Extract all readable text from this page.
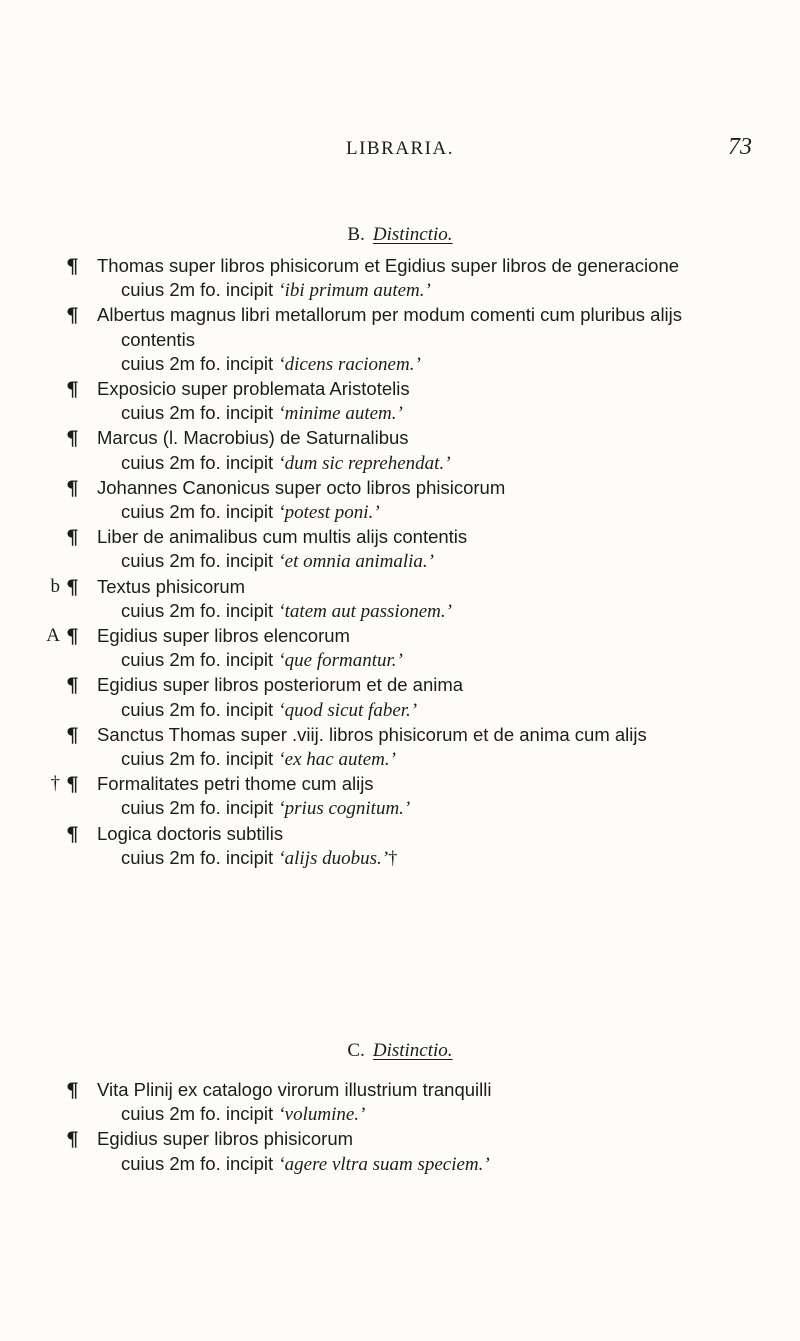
LIBRARIA.	73
B. Distinctio.
¶ Thomas super libros phisicorum et Egidius super libros de generacione
cuius 2m fo. incipit ‘ibi primum autem.’
¶ Albertus magnus libri metallorum per modum comenti cum pluribus alijs contentis
cuius 2m fo. incipit ‘dicens racionem.’
¶ Exposicio super problemata Aristotelis
cuius 2m fo. incipit ‘minime autem.’
¶ Marcus (l. Macrobius) de Saturnalibus
cuius 2m fo. incipit ‘dum sic reprehendat.’
¶ Johannes Canonicus super octo libros phisicorum
cuius 2m fo. incipit ‘potest poni.’
¶ Liber de animalibus cum multis alijs contentis
cuius 2m fo. incipit ‘et omnia animalia.’
b ¶ Textus phisicorum
cuius 2m fo. incipit ‘tatem aut passionem.’
A ¶ Egidius super libros elencorum
cuius 2m fo. incipit ‘que formantur.’
¶ Egidius super libros posteriorum et de anima
cuius 2m fo. incipit ‘quod sicut faber.’
¶ Sanctus Thomas super .viij. libros phisicorum et de anima cum alijs
cuius 2m fo. incipit ‘ex hac autem.’
† ¶ Formalitates petri thome cum alijs
cuius 2m fo. incipit ‘prius cognitum.’
¶ Logica doctoris subtilis
cuius 2m fo. incipit ‘alijs duobus.’†
C. Distinctio.
¶ Vita Plinij ex catalogo virorum illustrium tranquilli
cuius 2m fo. incipit ‘volumine.’
¶ Egidius super libros phisicorum
cuius 2m fo. incipit ‘agere vltra suam speciem.’
